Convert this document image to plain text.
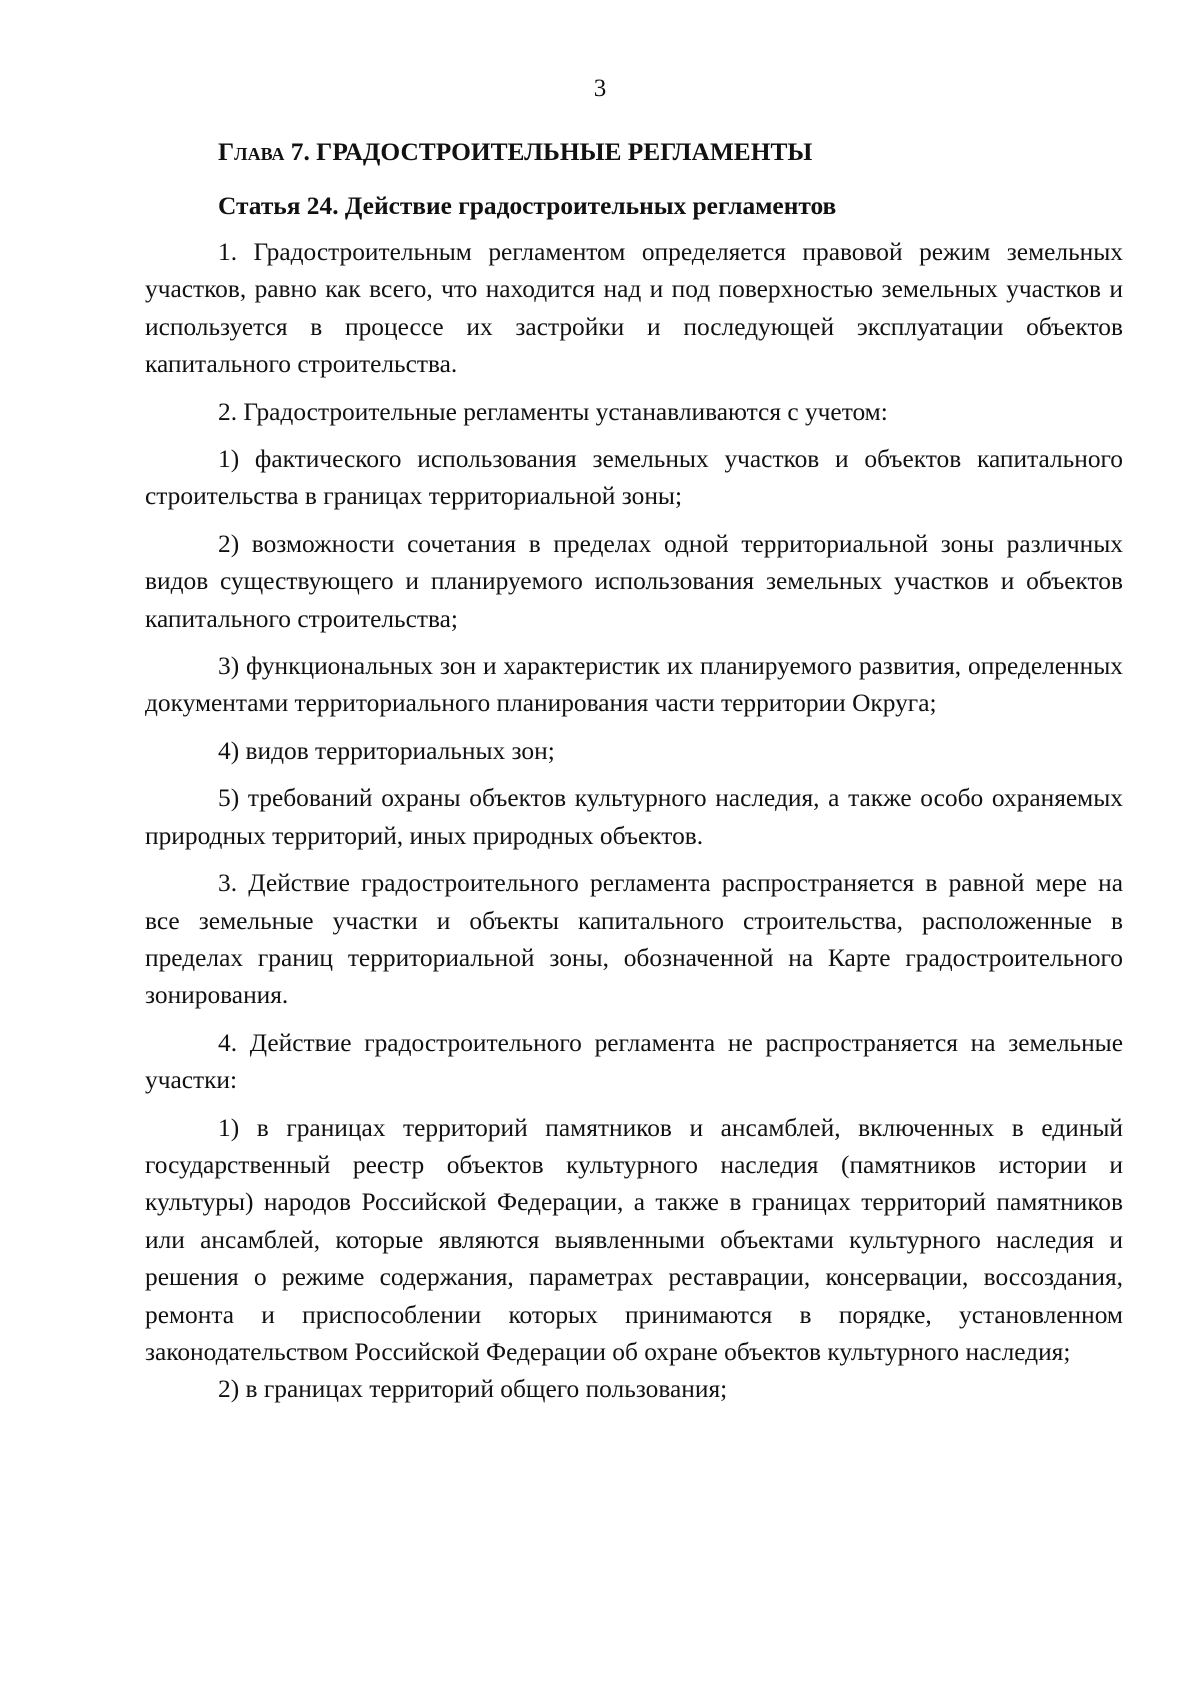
3
Глава 7. ГРАДОСТРОИТЕЛЬНЫЕ РЕГЛАМЕНТЫ
Статья 24. Действие градостроительных регламентов

1. Градостроительным регламентом определяется правовой режим земельных участков, равно как всего, что находится над и под поверхностью земельных участков и используется в процессе их застройки и последующей эксплуатации объектов капитального строительства.

2. Градостроительные регламенты устанавливаются с учетом:

1) фактического использования земельных участков и объектов капитального строительства в границах территориальной зоны;

2) возможности сочетания в пределах одной территориальной зоны различных видов существующего и планируемого использования земельных участков и объектов капитального строительства;

3) функциональных зон и характеристик их планируемого развития, определенных документами территориального планирования части территории Округа;

4) видов территориальных зон;

5) требований охраны объектов культурного наследия, а также особо охраняемых природных территорий, иных природных объектов.

3. Действие градостроительного регламента распространяется в равной мере на все земельные участки и объекты капитального строительства, расположенные в пределах границ территориальной зоны, обозначенной на Карте градостроительного зонирования.

4. Действие градостроительного регламента не распространяется на земельные участки:

1) в границах территорий памятников и ансамблей, включенных в единый государственный реестр объектов культурного наследия (памятников истории и культуры) народов Российской Федерации, а также в границах территорий памятников или ансамблей, которые являются выявленными объектами культурного наследия и решения о режиме содержания, параметрах реставрации, консервации, воссоздания, ремонта и приспособлении которых принимаются в порядке, установленном законодательством Российской Федерации об охране объектов культурного наследия;

2) в границах территорий общего пользования;
